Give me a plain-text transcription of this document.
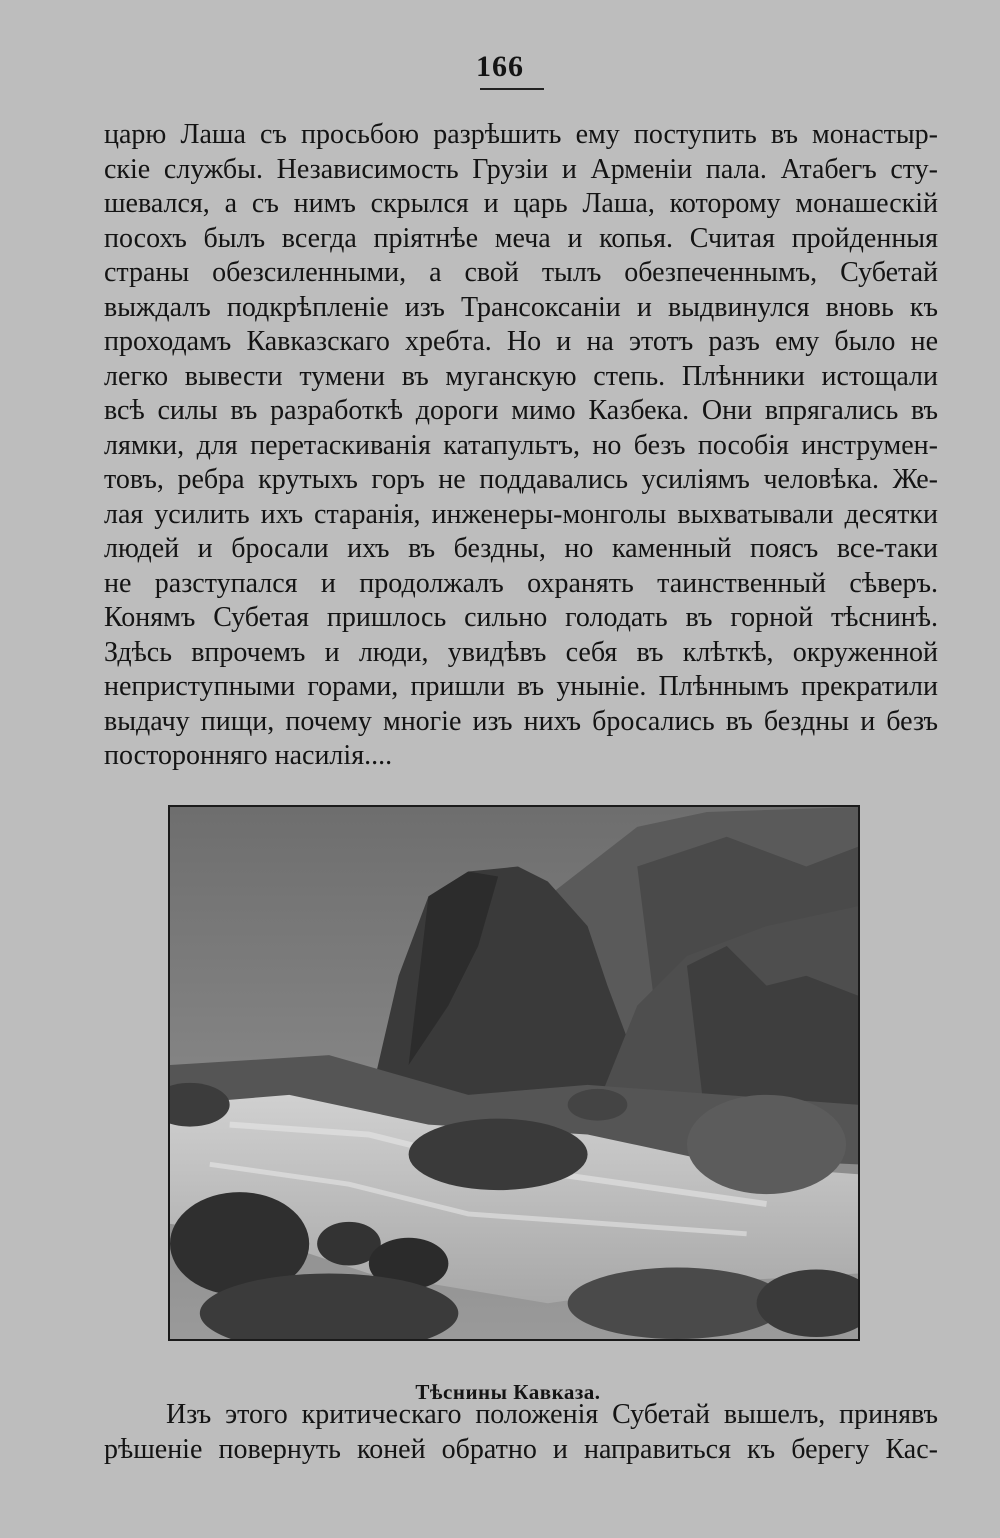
166
царю Лаша съ просьбою разрѣшить ему поступить въ монастыр-
скіе службы. Независимость Грузіи и Арменіи пала. Атабегъ сту-
шевался, а съ нимъ скрылся и царь Лаша, которому монашескій
посохъ былъ всегда пріятнѣе меча и копья. Считая пройденныя
страны обезсиленными, а свой тылъ обезпеченнымъ, Субетай
выждалъ подкрѣпленіе изъ Трансоксаніи и выдвинулся вновь къ
проходамъ Кавказскаго хребта. Но и на этотъ разъ ему было не
легко вывести тумени въ муганскую степь. Плѣнники истощали
всѣ силы въ разработкѣ дороги мимо Казбека. Они впрягались въ
лямки, для перетаскиванія катапультъ, но безъ пособія инструмен-
товъ, ребра крутыхъ горъ не поддавались усиліямъ человѣка. Же-
лая усилить ихъ старанія, инженеры-монголы выхватывали десятки
людей и бросали ихъ въ бездны, но каменный поясъ все-таки
не разступался и продолжалъ охранять таинственный сѣверъ.
Конямъ Субетая пришлось сильно голодать въ горной тѣснинѣ.
Здѣсь впрочемъ и люди, увидѣвъ себя въ клѣткѣ, окруженной
неприступными горами, пришли въ уныніе. Плѣннымъ прекратили
выдачу пищи, почему многіе изъ нихъ бросались въ бездны и безъ
посторонняго насилія....
Тѣснины Кавказа.
Изъ этого критическаго положенія Субетай вышелъ, принявъ
рѣшеніе повернуть коней обратно и направиться къ берегу Кас-
